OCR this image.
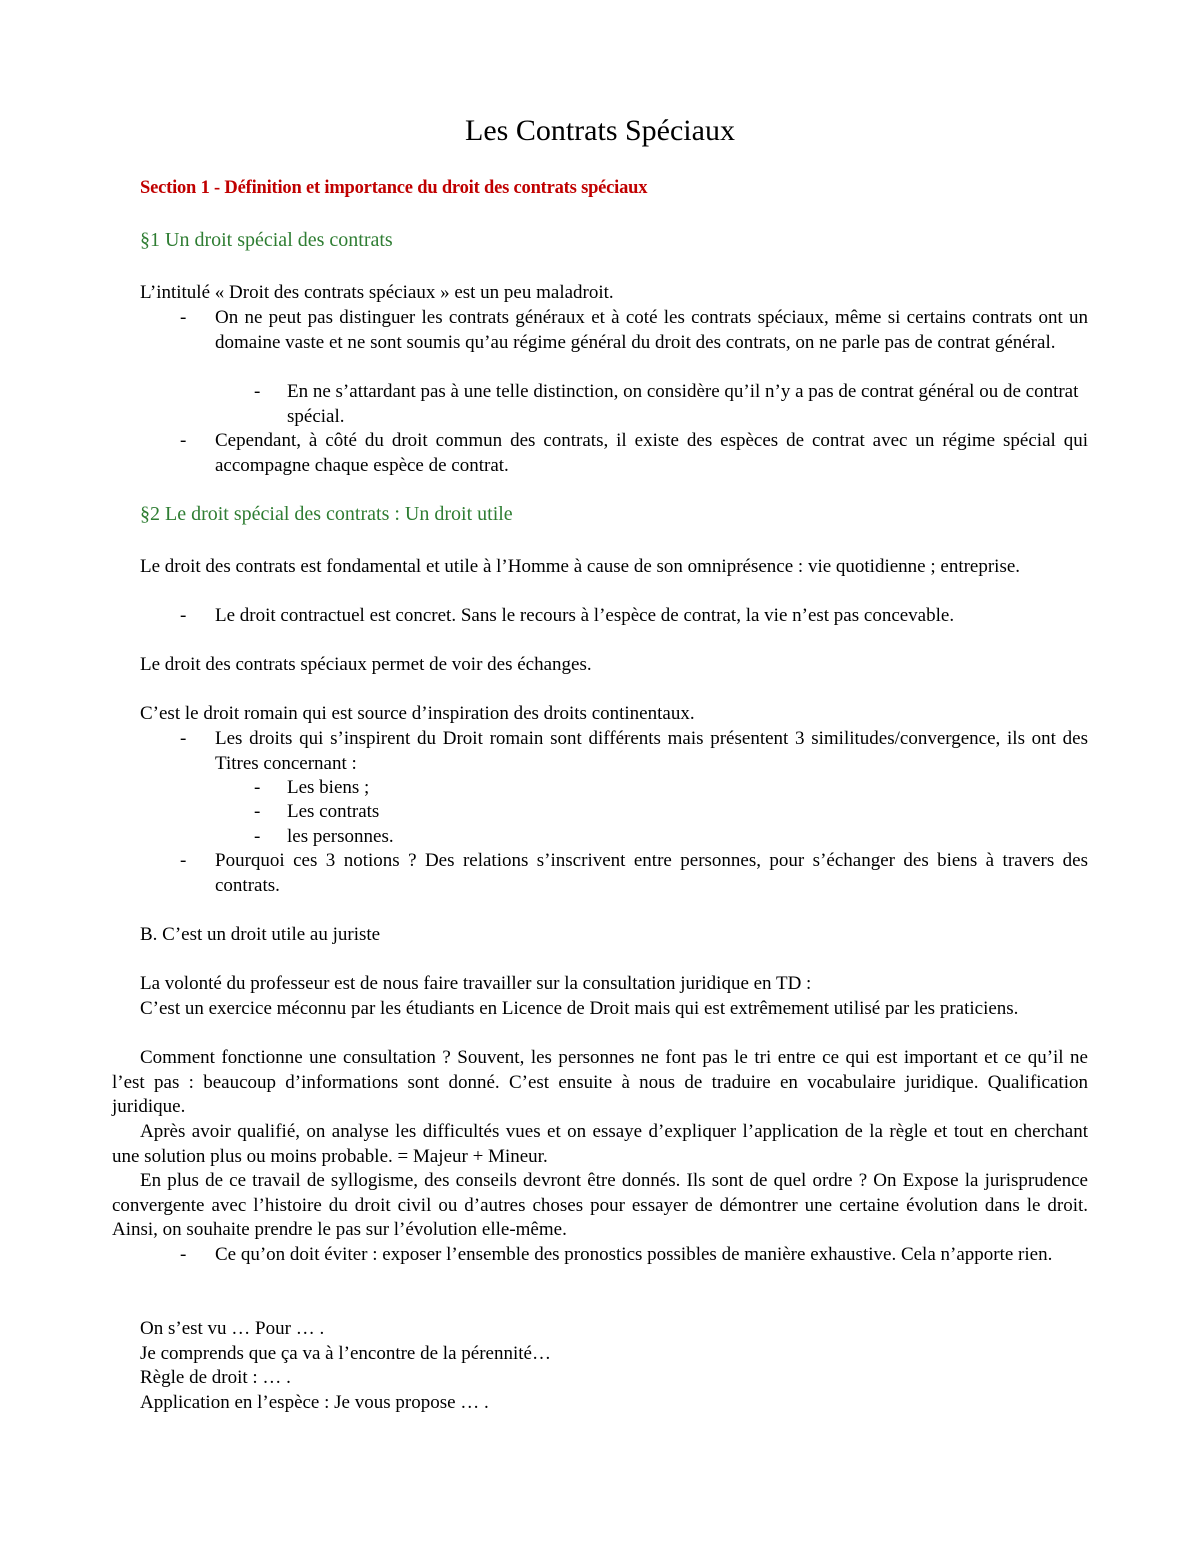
Les Contrats Spéciaux
Section 1 - Définition et importance du droit des contrats spéciaux
§1 Un droit spécial des contrats
L’intitulé « Droit des contrats spéciaux » est un peu maladroit.
- On ne peut pas distinguer les contrats généraux et à coté les contrats spéciaux, même si certains contrats ont un domaine vaste et ne sont soumis qu’au régime général du droit des contrats, on ne parle pas de contrat général.
- En ne s’attardant pas à une telle distinction, on considère qu’il n’y a pas de contrat général ou de contrat spécial.
- Cependant, à côté du droit commun des contrats, il existe des espèces de contrat avec un régime spécial qui accompagne chaque espèce de contrat.
§2 Le droit spécial des contrats : Un droit utile
Le droit des contrats est fondamental et utile à l’Homme à cause de son omniprésence : vie quotidienne ; entreprise.
- Le droit contractuel est concret. Sans le recours à l’espèce de contrat, la vie n’est pas concevable.
Le droit des contrats spéciaux permet de voir des échanges.
C’est le droit romain qui est source d’inspiration des droits continentaux.
- Les droits qui s’inspirent du Droit romain sont différents mais présentent 3 similitudes/convergence, ils ont des Titres concernant :
- Les biens ;
- Les contrats
- les personnes.
- Pourquoi ces 3 notions ? Des relations s’inscrivent entre personnes, pour s’échanger des biens à travers des contrats.
B. C’est un droit utile au juriste
La volonté du professeur est de nous faire travailler sur la consultation juridique en TD :
C’est un exercice méconnu par les étudiants en Licence de Droit mais qui est extrêmement utilisé par les praticiens.
Comment fonctionne une consultation ? Souvent, les personnes ne font pas le tri entre ce qui est important et ce qu’il ne l’est pas : beaucoup d’informations sont donné. C’est ensuite à nous de traduire en vocabulaire juridique. Qualification juridique.
Après avoir qualifié, on analyse les difficultés vues et on essaye d’expliquer l’application de la règle et tout en cherchant une solution plus ou moins probable. = Majeur + Mineur.
En plus de ce travail de syllogisme, des conseils devront être donnés. Ils sont de quel ordre ? On Expose la jurisprudence convergente avec l’histoire du droit civil ou d’autres choses pour essayer de démontrer une certaine évolution dans le droit. Ainsi, on souhaite prendre le pas sur l’évolution elle-même.
- Ce qu’on doit éviter : exposer l’ensemble des pronostics possibles de manière exhaustive. Cela n’apporte rien.
On s’est vu … Pour … .
Je comprends que ça va à l’encontre de la pérennité…
Règle de droit : … .
Application en l’espèce : Je vous propose … .
